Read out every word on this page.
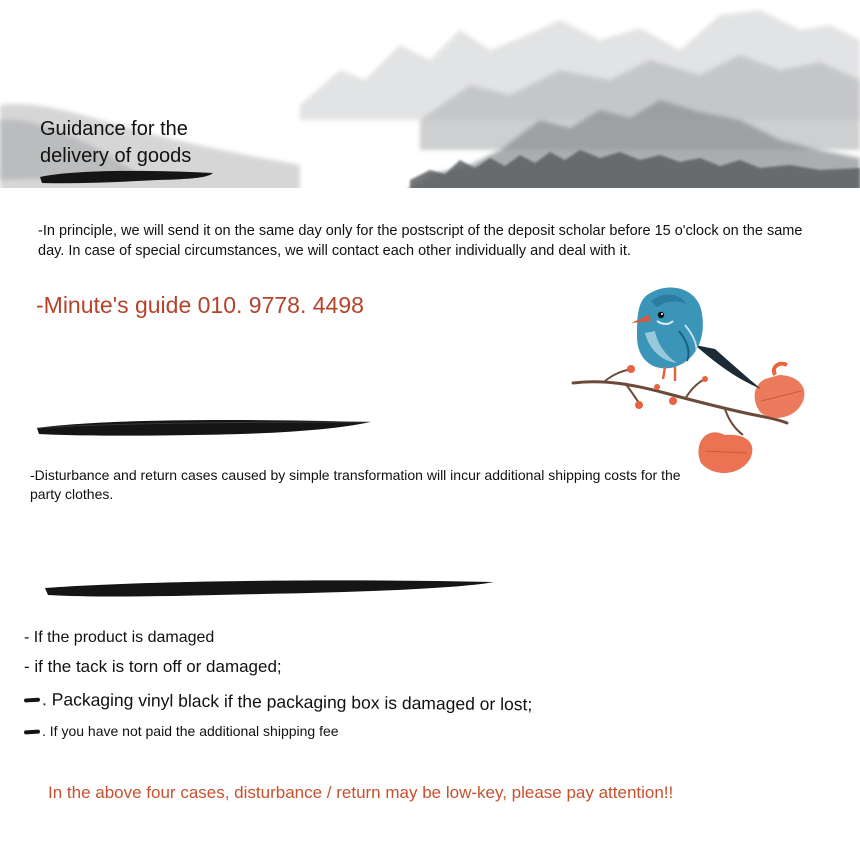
Guidance for the
delivery of goods
-In principle, we will send it on the same day only for the postscript of the deposit scholar before 15 o'clock on the same day. In case of special circumstances, we will contact each other individually and deal with it.
-Minute's guide 010. 9778. 4498
-Disturbance and return cases caused by simple transformation will incur additional shipping costs for the party clothes.
- If the product is damaged
- if the tack is torn off or damaged;
. Packaging vinyl black if the packaging box is damaged or lost;
. If you have not paid the additional shipping fee
In the above four cases, disturbance / return may be low-key, please pay attention!!
